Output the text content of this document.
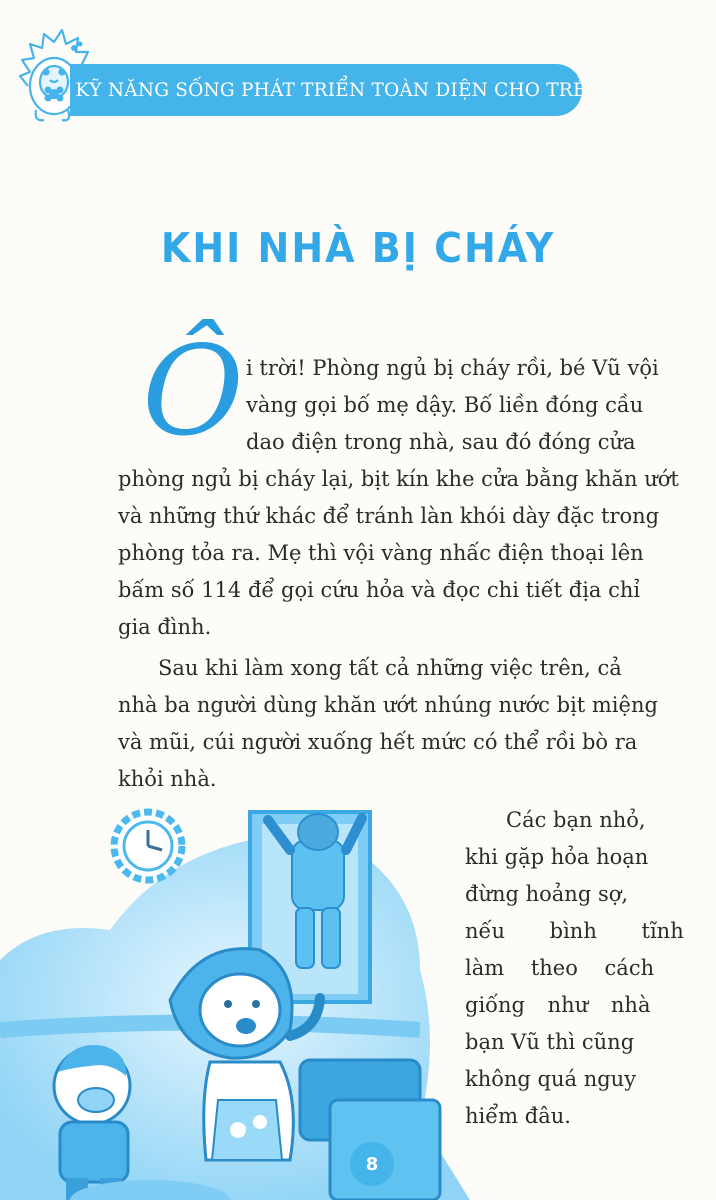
KỸ NĂNG SỐNG PHÁT TRIỂN TOÀN DIỆN CHO TRẺ
KHI NHÀ BỊ CHÁY
Ô i trời! Phòng ngủ bị cháy rồi, bé Vũ vội
vàng gọi bố mẹ dậy. Bố liền đóng cầu
dao điện trong nhà, sau đó đóng cửa
phòng ngủ bị cháy lại, bịt kín khe cửa bằng khăn ướt
và những thứ khác để tránh làn khói dày đặc trong
phòng tỏa ra. Mẹ thì vội vàng nhấc điện thoại lên
bấm số 114 để gọi cứu hỏa và đọc chi tiết địa chỉ
gia đình.
Sau khi làm xong tất cả những việc trên, cả
nhà ba người dùng khăn ướt nhúng nước bịt miệng
và mũi, cúi người xuống hết mức có thể rồi bò ra
khỏi nhà.
Các bạn nhỏ,
khi gặp hỏa hoạn
đừng hoảng sợ,
nếu bình tĩnh
làm theo cách
giống như nhà
bạn Vũ thì cũng
không quá nguy
hiểm đâu.
8
